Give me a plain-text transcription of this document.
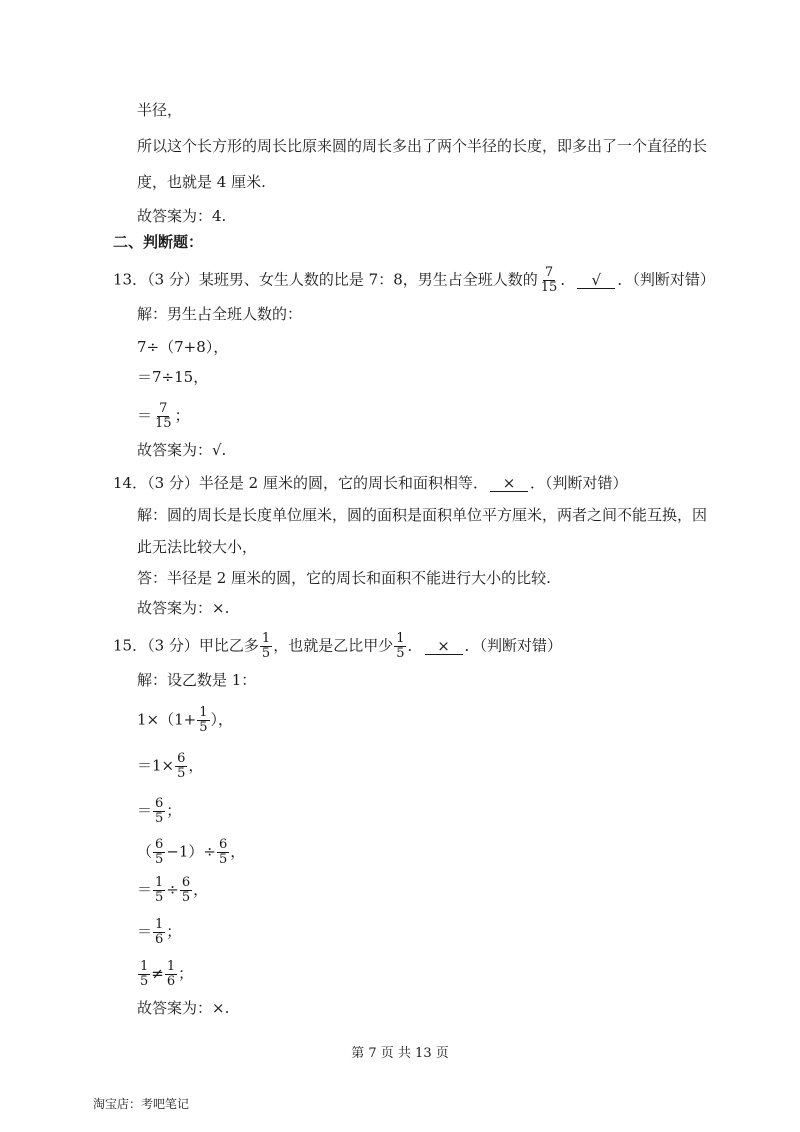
半径，
所以这个长方形的周长比原来圆的周长多出了两个半径的长度，即多出了一个直径的长
度，也就是 4 厘米.
故答案为：4.
二、判断题：
13．（3 分）某班男、女生人数的比是 7：8，男生占全班人数的 $\frac{7}{15}$ ． √ ．（判断对错）
解：男生占全班人数的：
7÷（7+8），
＝7÷15，
＝ $\frac{7}{15}$ ；
故答案为：√.
14．（3 分）半径是 2 厘米的圆，它的周长和面积相等． × ．（判断对错）
解：圆的周长是长度单位厘米，圆的面积是面积单位平方厘米，两者之间不能互换，因
此无法比较大小，
答：半径是 2 厘米的圆，它的周长和面积不能进行大小的比较.
故答案为：×.
15．（3 分）甲比乙多 $\frac{1}{5}$ ，也就是乙比甲少 $\frac{1}{5}$ ． × ．（判断对错）
解：设乙数是 1：
$1\times(1+ \frac{1}{5}$ ），
$=1\times \frac{6}{5}$ ，
＝ $\frac{6}{5}$ ；
（ $\frac{6}{5} -1)\div \frac{6}{5}$ ，
＝ $\frac{1}{5} \div \frac{6}{5}$ ，
＝ $\frac{1}{6}$ ；
$\frac{1}{5} \ne \frac{1}{6}$ ；
故答案为：×.
第 7 页 共 13 页
淘宝店：考吧笔记
